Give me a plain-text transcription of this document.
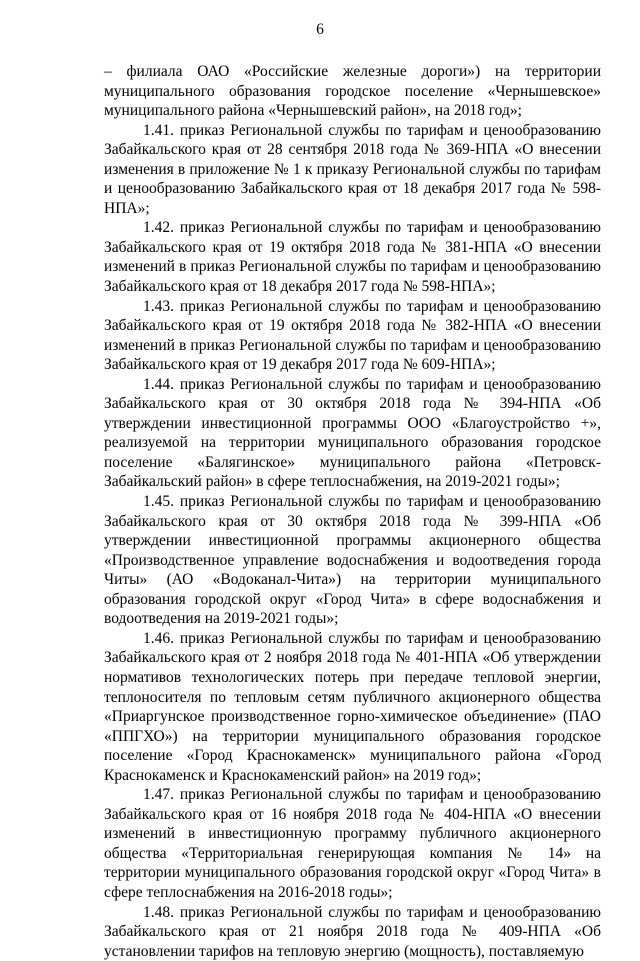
6

– филиала ОАО «Российские железные дороги») на территории муниципального образования городское поселение «Чернышевское» муниципального района «Чернышевский район», на 2018 год»;

1.41. приказ Региональной службы по тарифам и ценообразованию Забайкальского края от 28 сентября 2018 года № 369-НПА «О внесении изменения в приложение № 1 к приказу Региональной службы по тарифам и ценообразованию Забайкальского края от 18 декабря 2017 года № 598-НПА»;

1.42. приказ Региональной службы по тарифам и ценообразованию Забайкальского края от 19 октября 2018 года № 381-НПА «О внесении изменений в приказ Региональной службы по тарифам и ценообразованию Забайкальского края от 18 декабря 2017 года № 598-НПА»;

1.43. приказ Региональной службы по тарифам и ценообразованию Забайкальского края от 19 октября 2018 года № 382-НПА «О внесении изменений в приказ Региональной службы по тарифам и ценообразованию Забайкальского края от 19 декабря 2017 года № 609-НПА»;

1.44. приказ Региональной службы по тарифам и ценообразованию Забайкальского края от 30 октября 2018 года № 394-НПА «Об утверждении инвестиционной программы ООО «Благоустройство +», реализуемой на территории муниципального образования городское поселение «Балягинское» муниципального района «Петровск-Забайкальский район» в сфере теплоснабжения, на 2019-2021 годы»;

1.45. приказ Региональной службы по тарифам и ценообразованию Забайкальского края от 30 октября 2018 года № 399-НПА «Об утверждении инвестиционной программы акционерного общества «Производственное управление водоснабжения и водоотведения города Читы» (АО «Водоканал-Чита») на территории муниципального образования городской округ «Город Чита» в сфере водоснабжения и водоотведения на 2019-2021 годы»;

1.46. приказ Региональной службы по тарифам и ценообразованию Забайкальского края от 2 ноября 2018 года № 401-НПА «Об утверждении нормативов технологических потерь при передаче тепловой энергии, теплоносителя по тепловым сетям публичного акционерного общества «Приаргунское производственное горно-химическое объединение» (ПАО «ППГХО») на территории муниципального образования городское поселение «Город Краснокаменск» муниципального района «Город Краснокаменск и Краснокаменский район» на 2019 год»;

1.47. приказ Региональной службы по тарифам и ценообразованию Забайкальского края от 16 ноября 2018 года № 404-НПА «О внесении изменений в инвестиционную программу публичного акционерного общества «Территориальная генерирующая компания № 14» на территории муниципального образования городской округ «Город Чита» в сфере теплоснабжения на 2016-2018 годы»;

1.48. приказ Региональной службы по тарифам и ценообразованию Забайкальского края от 21 ноября 2018 года № 409-НПА «Об установлении тарифов на тепловую энергию (мощность), поставляемую
